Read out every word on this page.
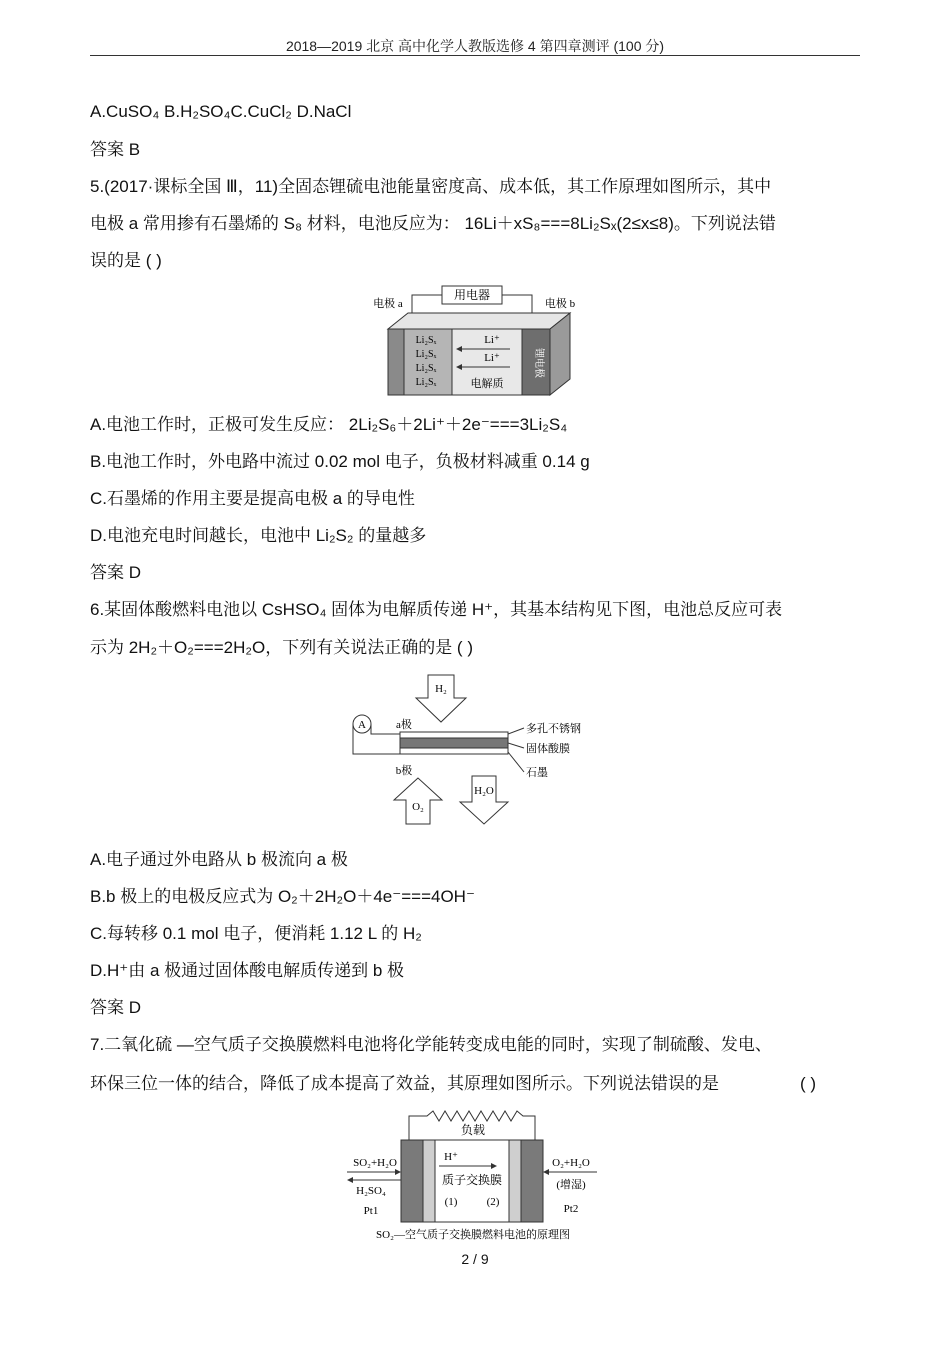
2018—2019 北京 高中化学人教版选修 4 第四章测评 (100 分)
A.CuSO₄ B.H₂SO₄C.CuCl₂ D.NaCl
答案 B
5.(2017·课标全国 Ⅲ，11)全固态锂硫电池能量密度高、成本低，其工作原理如图所示，其中
电极 a 常用掺有石墨烯的 S₈ 材料，电池反应为： 16Li＋xS₈===8Li₂Sₓ(2≤x≤8)。下列说法错
误的是 ( )
用电器
电极 a	电极 b
Li₂Sₓ
Li₂Sₓ
Li₂Sₓ
Li₂Sₓ
Li⁺
Li⁺
电解质
锂电极
A.电池工作时，正极可发生反应： 2Li₂S₆＋2Li⁺＋2e⁻===3Li₂S₄
B.电池工作时，外电路中流过 0.02 mol 电子，负极材料减重 0.14 g
C.石墨烯的作用主要是提高电极 a 的导电性
D.电池充电时间越长，电池中 Li₂S₂ 的量越多
答案 D
6.某固体酸燃料电池以 CsHSO₄ 固体为电解质传递 H⁺，其基本结构见下图，电池总反应可表
示为 2H₂＋O₂===2H₂O，下列有关说法正确的是 ( )
H₂
A	a极	多孔不锈钢
固体酸膜
石墨
b极
O₂
H₂O
A.电子通过外电路从 b 极流向 a 极
B.b 极上的电极反应式为 O₂＋2H₂O＋4e⁻===4OH⁻
C.每转移 0.1 mol 电子，便消耗 1.12 L 的 H₂
D.H⁺由 a 极通过固体酸电解质传递到 b 极
答案 D
7.二氧化硫 —空气质子交换膜燃料电池将化学能转变成电能的同时，实现了制硫酸、发电、
环保三位一体的结合，降低了成本提高了效益，其原理如图所示。下列说法错误的是	( )
负载
H⁺
质子交换膜
(1)	(2)
SO₂+H₂O
H₂SO₄
Pt1
O₂+H₂O
(增湿)
Pt2
SO₂—空气质子交换膜燃料电池的原理图
2 / 9
